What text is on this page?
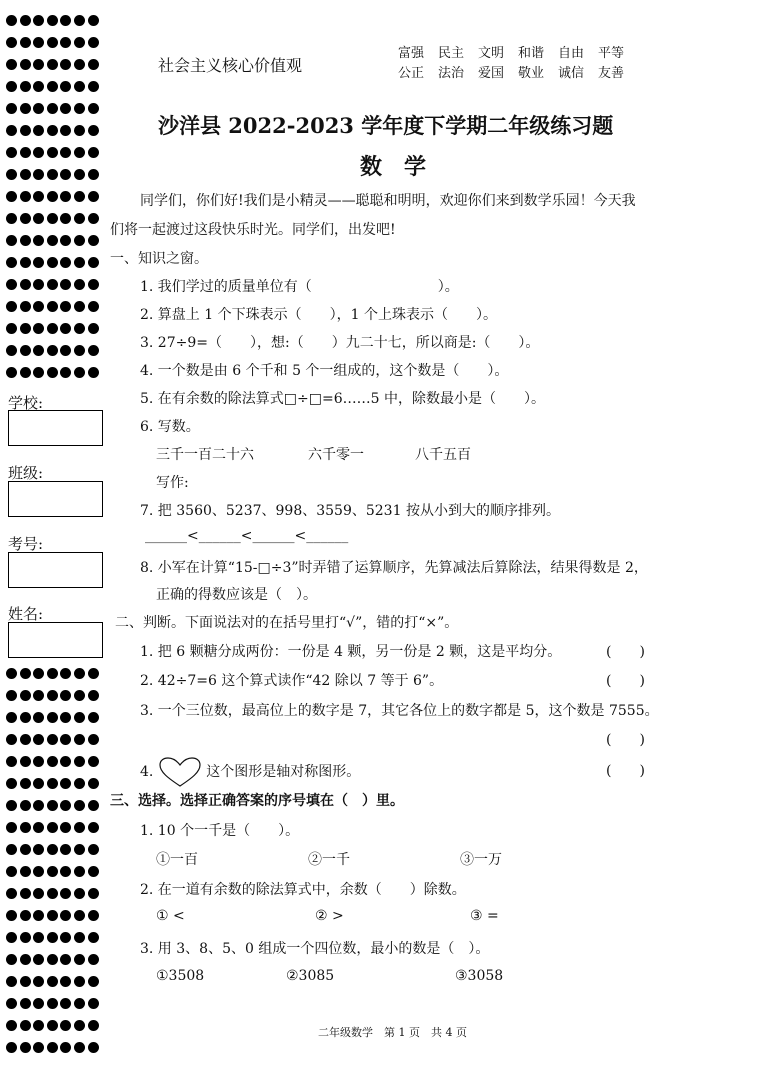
学校:
班级:
考号:
姓名:
社会主义核心价值观
富强 民主 文明 和谐 自由 平等
公正 法治 爱国 敬业 诚信 友善
沙洋县 2022-2023 学年度下学期二年级练习题
数　学
同学们，你们好!我们是小精灵——聪聪和明明，欢迎你们来到数学乐园！今天我
们将一起渡过这段快乐时光。同学们，出发吧!
一、知识之窗。
1. 我们学过的质量单位有（　　　　　　　　　）。
2. 算盘上 1 个下珠表示（　　），1 个上珠表示（　　）。
3. 27÷9=（　　），想:（　　）九二十七，所以商是:（　　）。
4. 一个数是由 6 个千和 5 个一组成的，这个数是（　　）。
5. 在有余数的除法算式□÷□=6……5 中，除数最小是（　　）。
6. 写数。
三千一百二十六	六千零一	八千五百
写作:
7. 把 3560、5237、998、3559、5231 按从小到大的顺序排列。
______<______<______<______
8. 小军在计算“15-□÷3”时弄错了运算顺序，先算减法后算除法，结果得数是 2，
正确的得数应该是（　）。
二、判断。下面说法对的在括号里打“√”，错的打“×”。
1. 把 6 颗糖分成两份：一份是 4 颗，另一份是 2 颗，这是平均分。	(　　)
2. 42÷7=6 这个算式读作“42 除以 7 等于 6”。	(　　)
3. 一个三位数，最高位上的数字是 7，其它各位上的数字都是 5，这个数是 7555。
(　　)
4.	这个图形是轴对称图形。	(　　)
三、选择。选择正确答案的序号填在（　）里。
1. 10 个一千是（　　）。
①一百	②一千	③一万
2. 在一道有余数的除法算式中，余数（　　）除数。
① <	② >	③ =
3. 用 3、8、5、0 组成一个四位数，最小的数是（　）。
①3508	②3085	③3058
二年级数学　第 1 页　共 4 页
